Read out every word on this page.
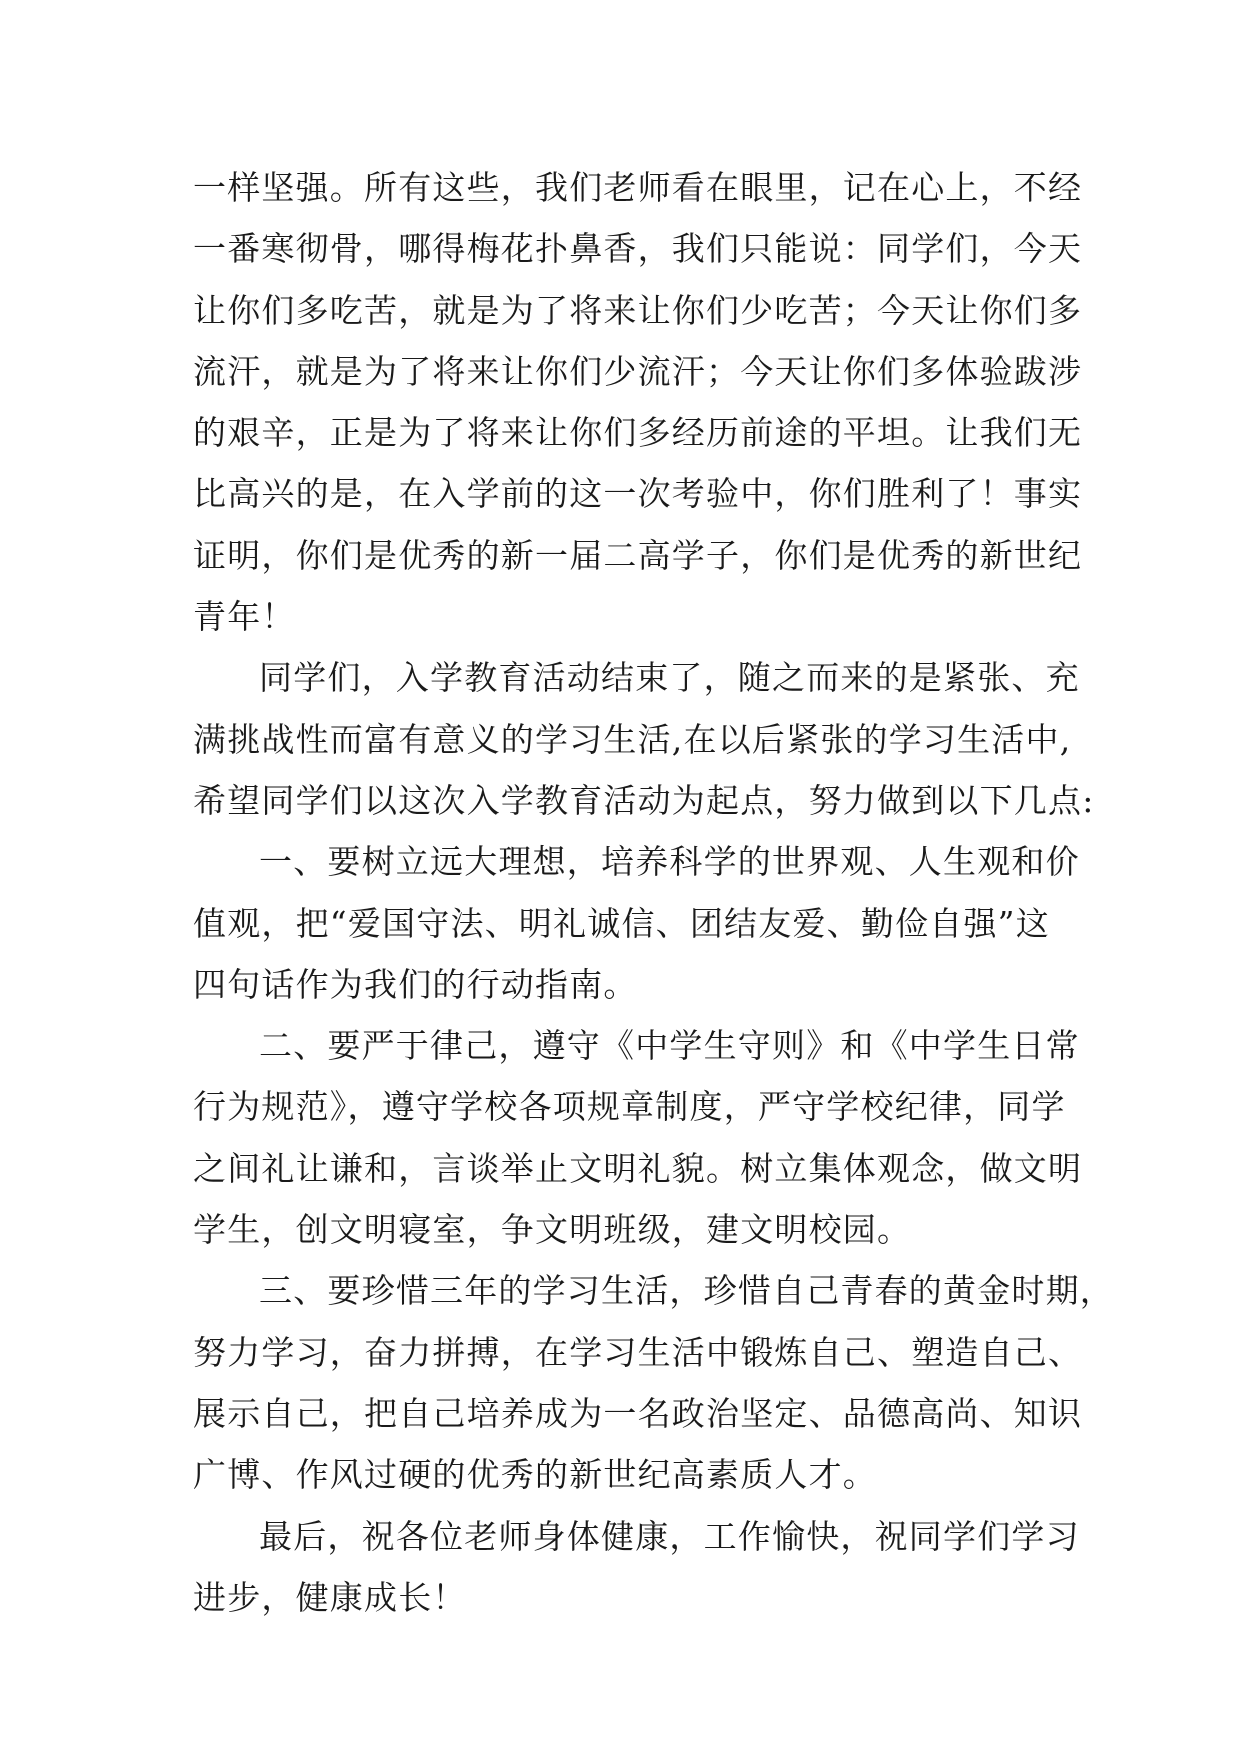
一样坚强。所有这些，我们老师看在眼里，记在心上，不经
一番寒彻骨，哪得梅花扑鼻香，我们只能说：同学们，今天
让你们多吃苦，就是为了将来让你们少吃苦；今天让你们多
流汗，就是为了将来让你们少流汗；今天让你们多体验跋涉
的艰辛，正是为了将来让你们多经历前途的平坦。让我们无
比高兴的是，在入学前的这一次考验中，你们胜利了！事实
证明，你们是优秀的新一届二高学子，你们是优秀的新世纪
青年！
同学们，入学教育活动结束了，随之而来的是紧张、充
满挑战性而富有意义的学习生活,在以后紧张的学习生活中,
希望同学们以这次入学教育活动为起点，努力做到以下几点:
一、要树立远大理想，培养科学的世界观、人生观和价
值观，把“爱国守法、明礼诚信、团结友爱、勤俭自强”这
四句话作为我们的行动指南。
二、要严于律己，遵守《中学生守则》和《中学生日常
行为规范》，遵守学校各项规章制度，严守学校纪律，同学
之间礼让谦和，言谈举止文明礼貌。树立集体观念，做文明
学生，创文明寝室，争文明班级，建文明校园。
三、要珍惜三年的学习生活，珍惜自己青春的黄金时期，
努力学习，奋力拼搏，在学习生活中锻炼自己、塑造自己、
展示自己，把自己培养成为一名政治坚定、品德高尚、知识
广博、作风过硬的优秀的新世纪高素质人才。
最后，祝各位老师身体健康，工作愉快，祝同学们学习
进步，健康成长！
